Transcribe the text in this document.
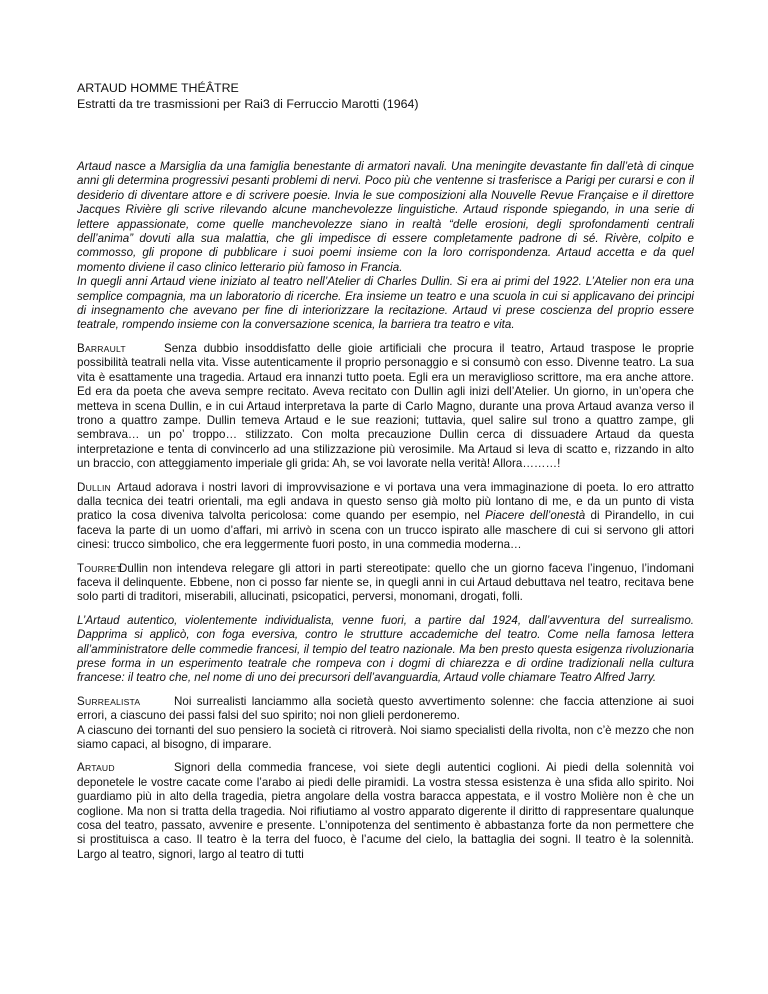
ARTAUD HOMME THÉÂTRE

Estratti da tre trasmissioni per Rai3 di Ferruccio Marotti (1964)

Artaud nasce a Marsiglia da una famiglia benestante di armatori navali. Una meningite devastante fin dall’età di cinque anni gli determina progressivi pesanti problemi di nervi. Poco più che ventenne si trasferisce a Parigi per curarsi e con il desiderio di diventare attore e di scrivere poesie. Invia le sue composizioni alla Nouvelle Revue Française e il direttore Jacques Rivière gli scrive rilevando alcune manchevolezze linguistiche. Artaud risponde spiegando, in una serie di lettere appassionate, come quelle manchevolezze siano in realtà “delle erosioni, degli sprofondamenti centrali dell’anima” dovuti alla sua malattia, che gli impedisce di essere completamente padrone di sé. Rivère, colpito e commosso, gli propone di pubblicare i suoi poemi insieme con la loro corrispondenza. Artaud accetta e da quel momento diviene il caso clinico letterario più famoso in Francia.

In quegli anni Artaud viene iniziato al teatro nell’Atelier di Charles Dullin. Si era ai primi del 1922. L’Atelier non era una semplice compagnia, ma un laboratorio di ricerche. Era insieme un teatro e una scuola in cui si applicavano dei principi di insegnamento che avevano per fine di interiorizzare la recitazione. Artaud vi prese coscienza del proprio essere teatrale, rompendo insieme con la conversazione scenica, la barriera tra teatro e vita.

BARRAULT	Senza dubbio insoddisfatto delle gioie artificiali che procura il teatro, Artaud traspose le proprie possibilità teatrali nella vita. Visse autenticamente il proprio personaggio e si consumò con esso. Divenne teatro. La sua vita è esattamente una tragedia. Artaud era innanzi tutto poeta. Egli era un meraviglioso scrittore, ma era anche attore. Ed era da poeta che aveva sempre recitato. Aveva recitato con Dullin agli inizi dell’Atelier. Un giorno, in un’opera che metteva in scena Dullin, e in cui Artaud interpretava la parte di Carlo Magno, durante una prova Artaud avanza verso il trono a quattro zampe. Dullin temeva Artaud e le sue reazioni; tuttavia, quel salire sul trono a quattro zampe, gli sembrava… un po’ troppo… stilizzato. Con molta precauzione Dullin cerca di dissuadere Artaud da questa interpretazione e tenta di convincerlo ad una stilizzazione più verosimile. Ma Artaud si leva di scatto e, rizzando in alto un braccio, con atteggiamento imperiale gli grida: Ah, se voi lavorate nella verità! Allora………!

DULLIN Artaud adorava i nostri lavori di improvvisazione e vi portava una vera immaginazione di poeta. Io ero attratto dalla tecnica dei teatri orientali, ma egli andava in questo senso già molto più lontano di me, e da un punto di vista pratico la cosa diveniva talvolta pericolosa: come quando per esempio, nel Piacere dell’onestà di Pirandello, in cui faceva la parte di un uomo d’affari, mi arrivò in scena con un trucco ispirato alle maschere di cui si servono gli attori cinesi: trucco simbolico, che era leggermente fuori posto, in una commedia moderna…

TOURRETDullin non intendeva relegare gli attori in parti stereotipate: quello che un giorno faceva l’ingenuo, l’indomani faceva il delinquente. Ebbene, non ci posso far niente se, in quegli anni in cui Artaud debuttava nel teatro, recitava bene solo parti di traditori, miserabili, allucinati, psicopatici, perversi, monomani, drogati, folli.

L’Artaud autentico, violentemente individualista, venne fuori, a partire dal 1924, dall’avventura del surrealismo. Dapprima si applicò, con foga eversiva, contro le strutture accademiche del teatro. Come nella famosa lettera all’amministratore delle commedie francesi, il tempio del teatro nazionale. Ma ben presto questa esigenza rivoluzionaria prese forma in un esperimento teatrale che rompeva con i dogmi di chiarezza e di ordine tradizionali nella cultura francese: il teatro che, nel nome di uno dei precursori dell’avanguardia, Artaud volle chiamare Teatro Alfred Jarry.

SURREALISTA	Noi surrealisti lanciammo alla società questo avvertimento solenne: che faccia attenzione ai suoi errori, a ciascuno dei passi falsi del suo spirito; noi non glieli perdoneremo.

A ciascuno dei tornanti del suo pensiero la società ci ritroverà. Noi siamo specialisti della rivolta, non c’è mezzo che non siamo capaci, al bisogno, di imparare.

ARTAUD	Signori della commedia francese, voi siete degli autentici coglioni. Ai piedi della solennità voi deponetele le vostre cacate come l’arabo ai piedi delle piramidi. La vostra stessa esistenza è una sfida allo spirito. Noi guardiamo più in alto della tragedia, pietra angolare della vostra baracca appestata, e il vostro Molière non è che un coglione. Ma non si tratta della tragedia. Noi rifiutiamo al vostro apparato digerente il diritto di rappresentare qualunque cosa del teatro, passato, avvenire e presente. L’onnipotenza del sentimento è abbastanza forte da non permettere che si prostituisca a caso. Il teatro è la terra del fuoco, è l’acume del cielo, la battaglia dei sogni. Il teatro è la solennità. Largo al teatro, signori, largo al teatro di tutti
